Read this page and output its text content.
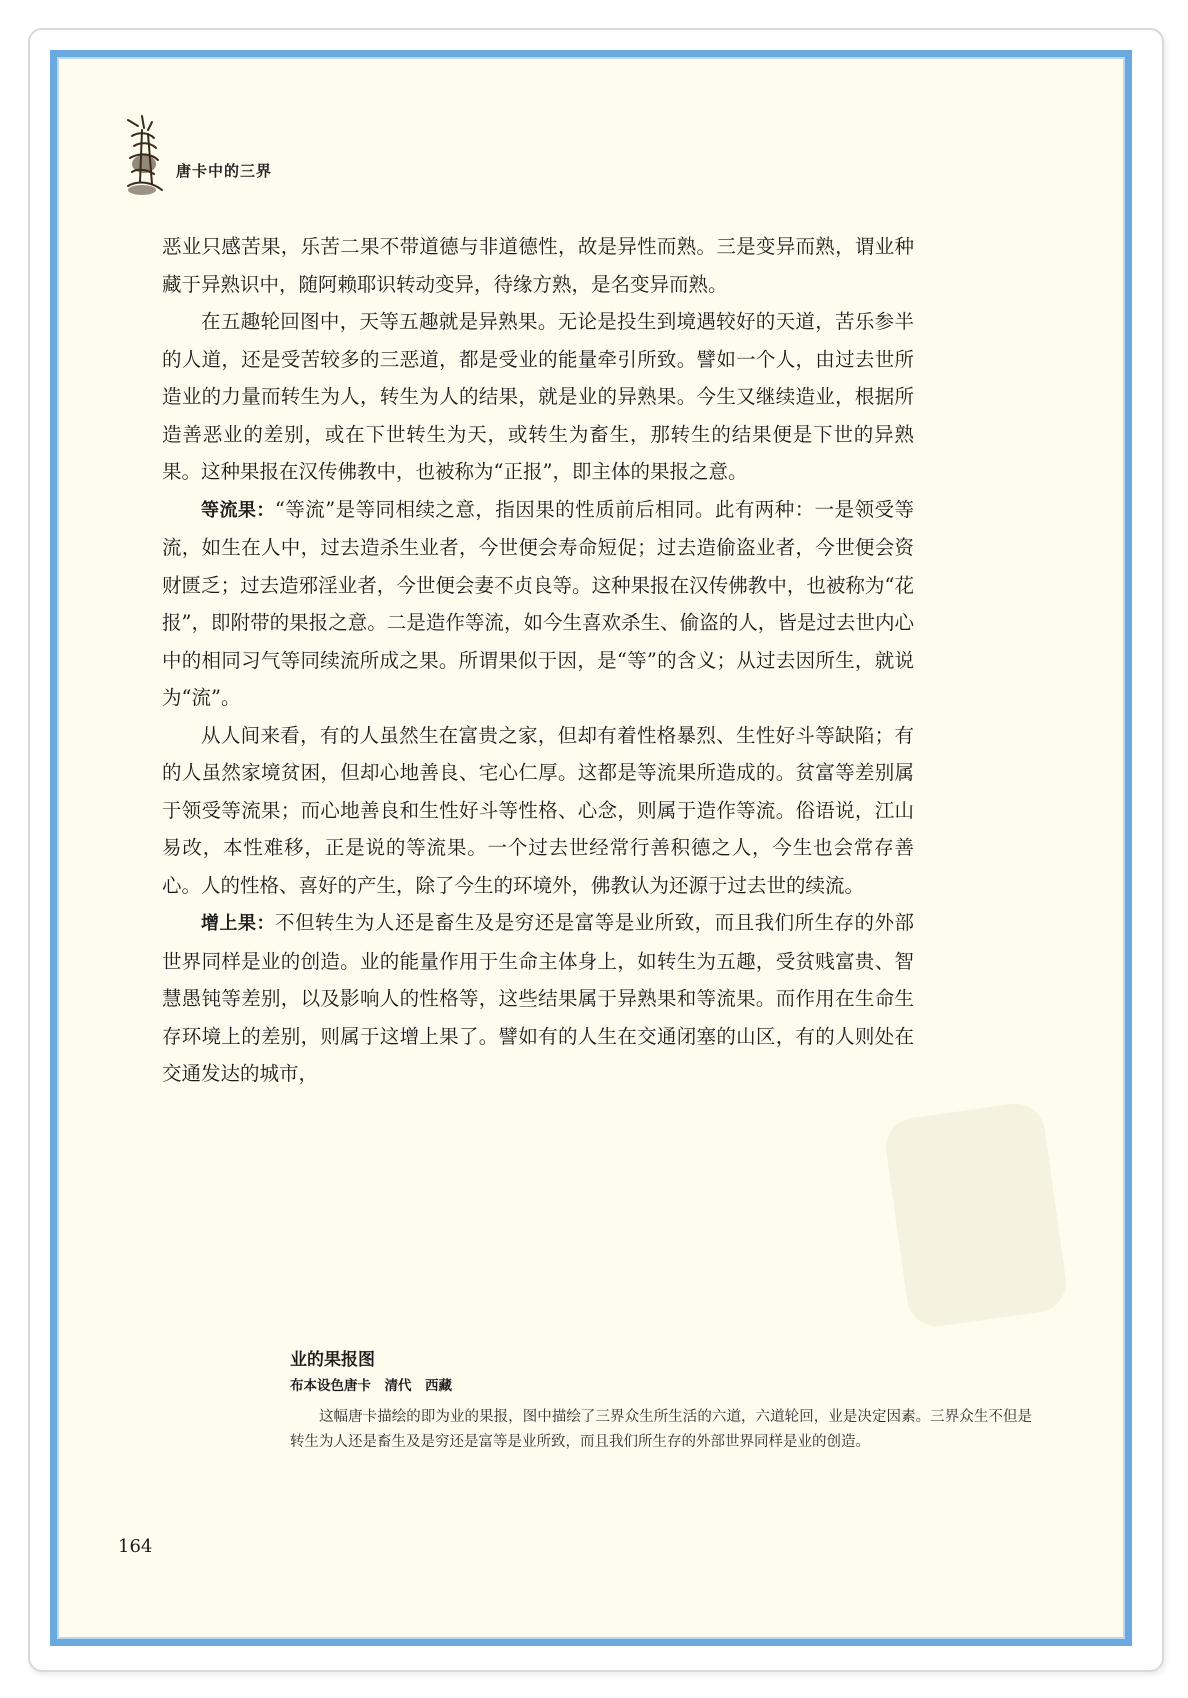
唐卡中的三界

恶业只感苦果，乐苦二果不带道德与非道德性，故是异性而熟。三是变异而熟，谓业种藏于异熟识中，随阿赖耶识转动变异，待缘方熟，是名变异而熟。

在五趣轮回图中，天等五趣就是异熟果。无论是投生到境遇较好的天道，苦乐参半的人道，还是受苦较多的三恶道，都是受业的能量牵引所致。譬如一个人，由过去世所造业的力量而转生为人，转生为人的结果，就是业的异熟果。今生又继续造业，根据所造善恶业的差别，或在下世转生为天，或转生为畜生，那转生的结果便是下世的异熟果。这种果报在汉传佛教中，也被称为“正报”，即主体的果报之意。

等流果：“等流”是等同相续之意，指因果的性质前后相同。此有两种：一是领受等流，如生在人中，过去造杀生业者，今世便会寿命短促；过去造偷盗业者，今世便会资财匮乏；过去造邪淫业者，今世便会妻不贞良等。这种果报在汉传佛教中，也被称为“花报”，即附带的果报之意。二是造作等流，如今生喜欢杀生、偷盗的人，皆是过去世内心中的相同习气等同续流所成之果。所谓果似于因，是“等”的含义；从过去因所生，就说为“流”。

从人间来看，有的人虽然生在富贵之家，但却有着性格暴烈、生性好斗等缺陷；有的人虽然家境贫困，但却心地善良、宅心仁厚。这都是等流果所造成的。贫富等差别属于领受等流果；而心地善良和生性好斗等性格、心念，则属于造作等流。俗语说，江山易改，本性难移，正是说的等流果。一个过去世经常行善积德之人，今生也会常存善心。人的性格、喜好的产生，除了今生的环境外，佛教认为还源于过去世的续流。

增上果：不但转生为人还是畜生及是穷还是富等是业所致，而且我们所生存的外部世界同样是业的创造。业的能量作用于生命主体身上，如转生为五趣，受贫贱富贵、智慧愚钝等差别，以及影响人的性格等，这些结果属于异熟果和等流果。而作用在生命生存环境上的差别，则属于这增上果了。譬如有的人生在交通闭塞的山区，有的人则处在交通发达的城市，

业的果报图

布本设色唐卡　清代　西藏

这幅唐卡描绘的即为业的果报，图中描绘了三界众生所生活的六道，六道轮回，业是决定因素。三界众生不但是转生为人还是畜生及是穷还是富等是业所致，而且我们所生存的外部世界同样是业的创造。

164
